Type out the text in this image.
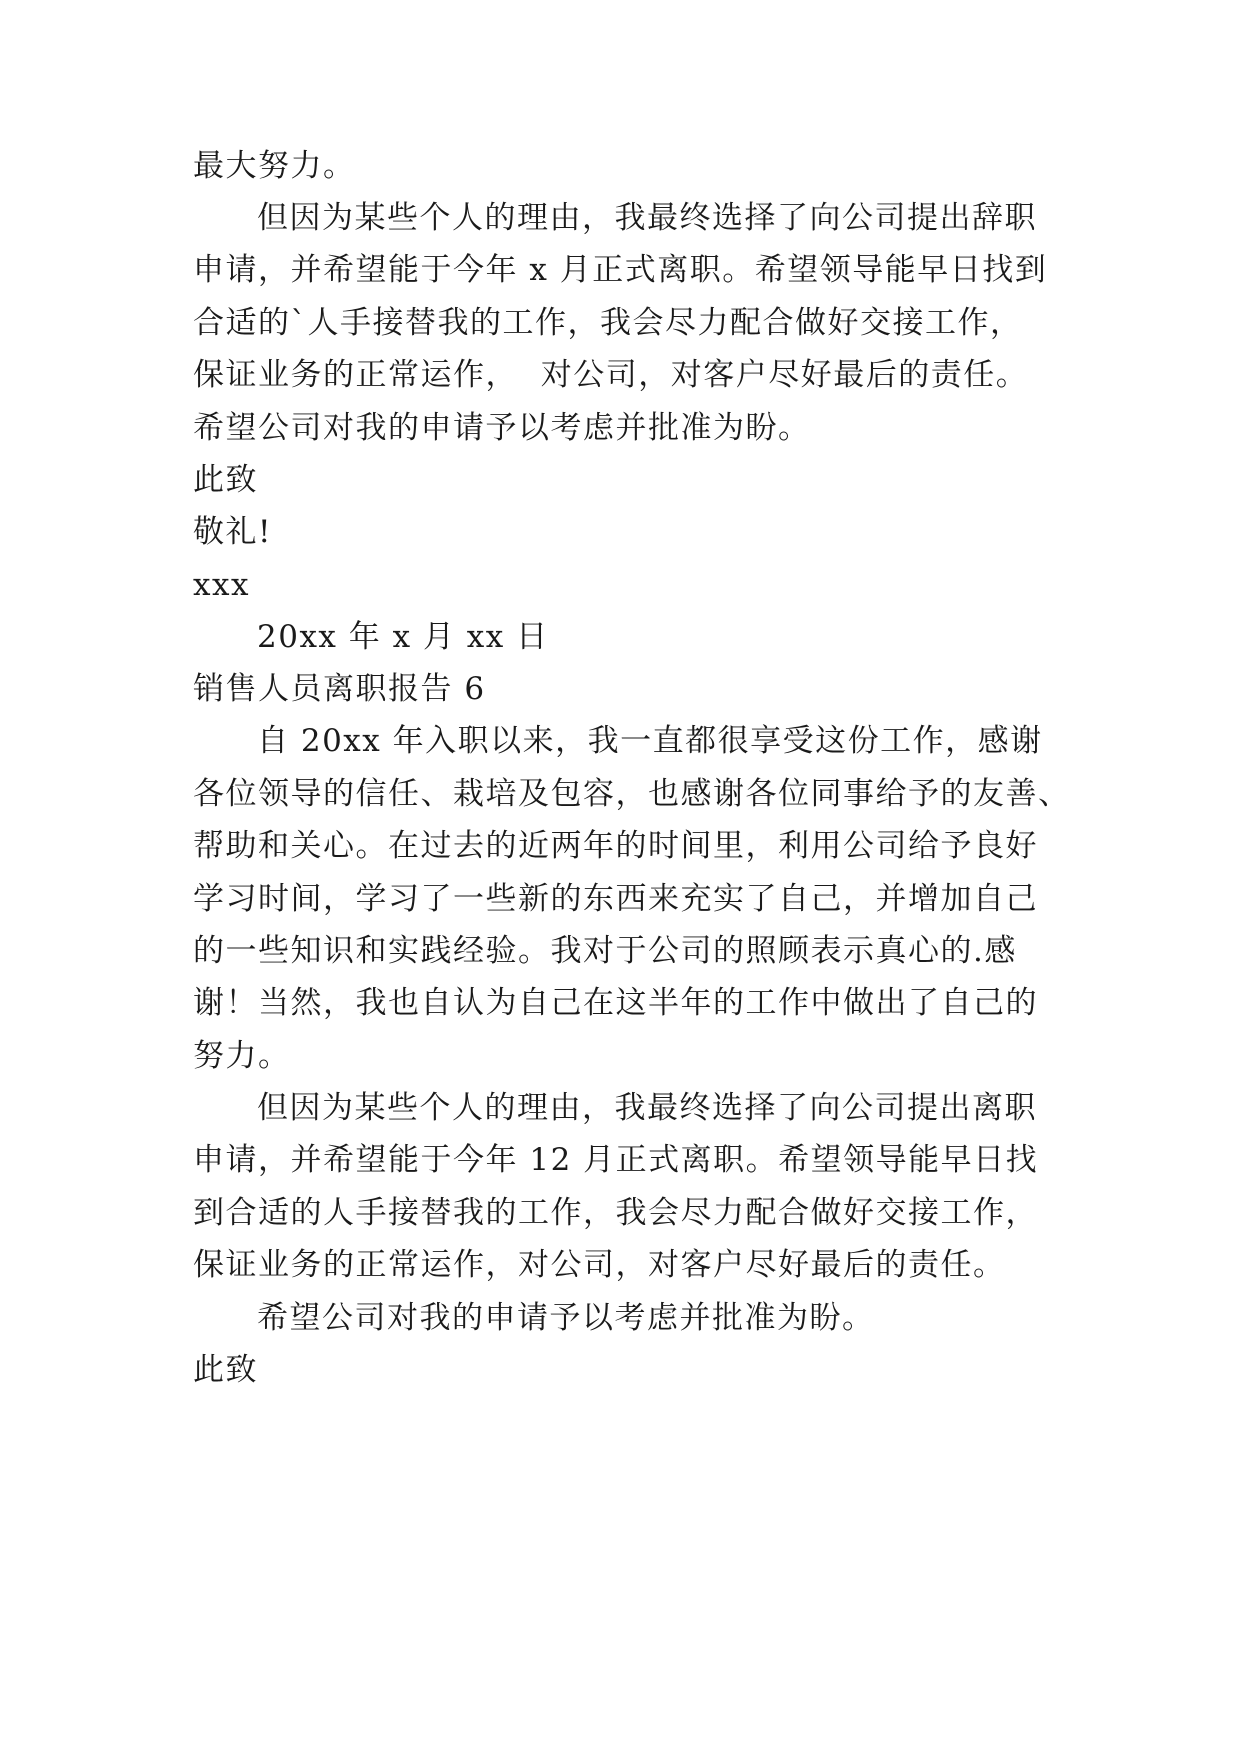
最大努力。

但因为某些个人的理由，我最终选择了向公司提出辞职

申请，并希望能于今年 x 月正式离职。希望领导能早日找到

合适的`人手接替我的工作，我会尽力配合做好交接工作，

保证业务的正常运作，  对公司，对客户尽好最后的责任。

希望公司对我的申请予以考虑并批准为盼。

此致

敬礼!

xxx

20xx 年 x 月 xx 日

销售人员离职报告 6

自 20xx 年入职以来，我一直都很享受这份工作，感谢

各位领导的信任、栽培及包容，也感谢各位同事给予的友善、

帮助和关心。在过去的近两年的时间里，利用公司给予良好

学习时间，学习了一些新的东西来充实了自己，并增加自己

的一些知识和实践经验。我对于公司的照顾表示真心的.感

谢！当然，我也自认为自己在这半年的工作中做出了自己的

努力。

但因为某些个人的理由，我最终选择了向公司提出离职

申请，并希望能于今年 12 月正式离职。希望领导能早日找

到合适的人手接替我的工作，我会尽力配合做好交接工作，

保证业务的正常运作，对公司，对客户尽好最后的责任。

希望公司对我的申请予以考虑并批准为盼。

此致
